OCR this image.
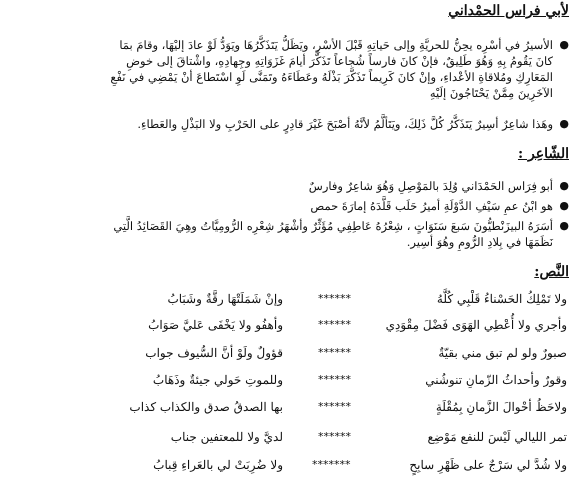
لأبي فراس الحمْداني
●
الأسيرُ في أسْرِه يحِنُّ للحريَّةِ وإلى حَياتِهِ قَبْلَ الأسْرِ، ويَظَلُّ يَتَذَكَّرُهَا ويَوَدُّ لَوْ عادَ إليْهَا، وقامَ بمَا
كانَ يَقُومُ بِهِ وَهُوَ طَلِيقٌ، فإنْ كانَ فارساً شُجاعاً تَذَكَّرَ أيامَ غَزَوَاتِهِ وجِهادِهِ، واشْتاقَ إلى خوضِ
المَعَارِكِ ومُلاقاةِ الأعْداءِ، وإنْ كانَ كَرِيماً تَذَكَّرَ بَذْلَهُ وعَطَاءَهُ وتَمَنَّى لَوِ اسْتَطاعَ أنْ يَمْضِي في نَفْعِ
الآخَرِينَ مِمَّنْ يَحْتَاجُونَ إلَيْهِ
●
وهَذا شاعِرٌ أسِيرٌ يَتَذَكَّرُ كُلَّ ذَلِكَ، ويَتَألَّمُ لأنَّهُ أصْبَحَ غَيْرَ قادِرٍ على الحَرْبِ ولا البَذْلِ والعَطاءِ.
الشّاعِر :
●
أبو فِرَاس الحَمْدَاني وُلِدَ بالمَوْصِلِ وَهُوَ شاعِرٌ وفارسٌ
●
هو ابْنُ عمِ سَيْفِ الدَّوْلَةِ أميرُ حَلَب قَلَّدَهُ إمارَةَ حمص
●
أسَرَهُ البيزَنْطيُّونَ سَبعَ سَنَوَاتٍ ، شِعْرُهُ عَاطِفِي مُؤَثِّرٌ وأشْهَرُ شِعْرِه الرُّومِيَّاتُ وهِيَ القَصَائِدُ الَّتِي
نَظَمَهَا في بِلادِ الرُّومِ وهُوَ أسِير.
النَّص:
ولا تَمْلِكُ الحَسْناءُ قَلْبِي كُلَّهُ
******
وإنْ شَمَلَتْهَا رقَّةٌ وشَبَابُ
وأجري ولا أُعْطِي الهَوَى فَضْلَ مِقْوَدِي
******
وأهفُو ولا يَخْفَى عَليَّ صَوَابُ
صبورٌ ولو لم تبق مني بقيّةٌ
******
قؤولٌ ولَوْ أنَّ السُّيوف جواب
وقورٌ وأحداثُ الزّمانِ تنوشُني
******
وللموتِ حَولي جيئةٌ وذَهَابُ
ولاحَظُ أحْوالَ الزَّمانِ بِمُقْلَةٍ
******
بها الصدقُ صدق والكذاب كذاب
تمر الليالي لَيْسَ للنفع مَوْضِع
******
لديَّ ولا للمعتفين جناب
ولا شُدَّ لي سَرْجٌ على ظَهْرِ سابِحٍ
*******
ولا ضُرِبَتْ لي بالعَراءِ قِبابُ
